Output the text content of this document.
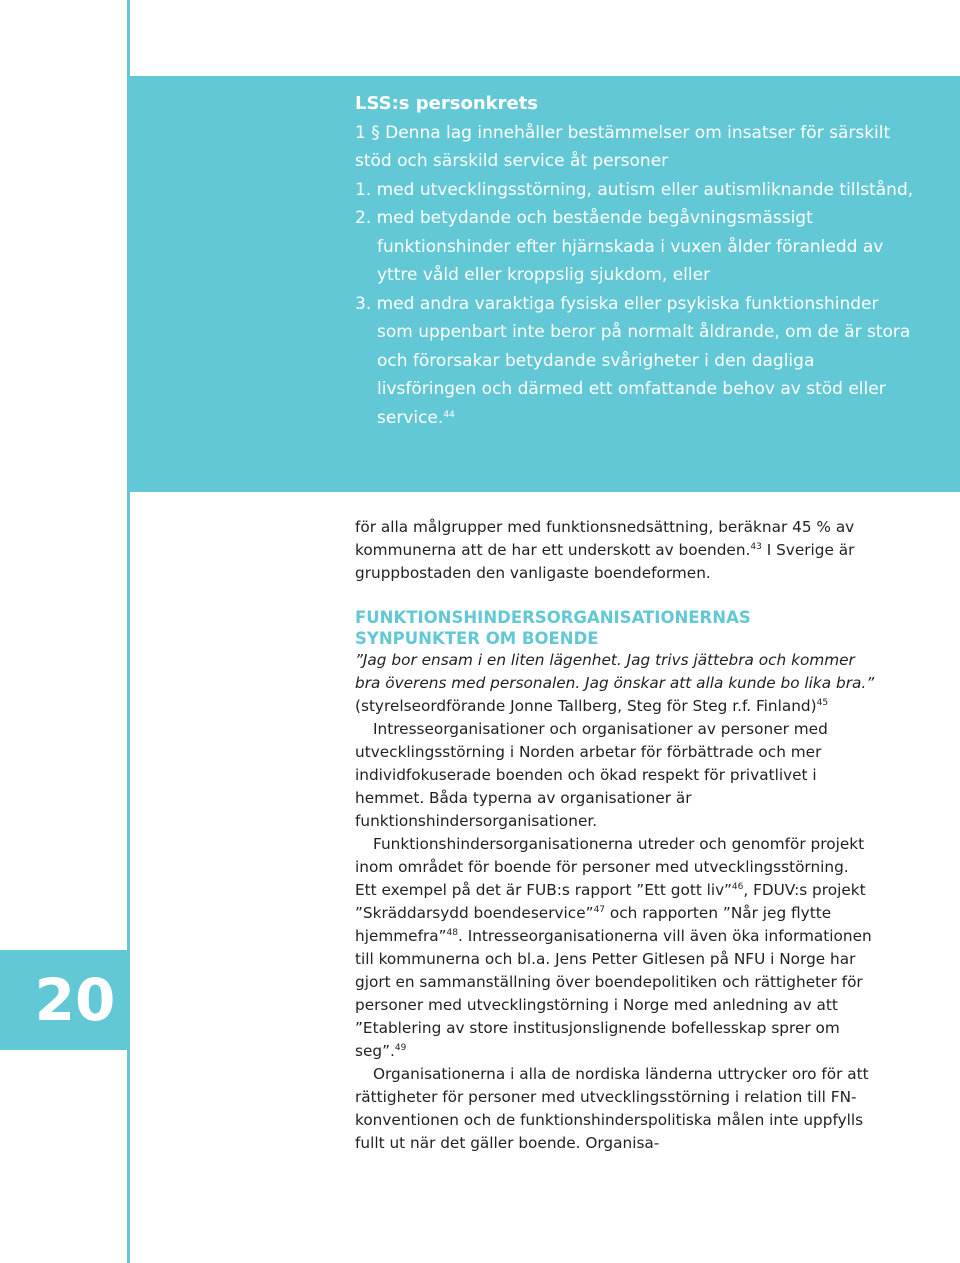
LSS:s personkrets
1 § Denna lag innehåller bestämmelser om insatser för särskilt stöd och särskild service åt personer
1. med utvecklingsstörning, autism eller autismliknande tillstånd,
2. med betydande och bestående begåvningsmässigt funktionshinder efter hjärnskada i vuxen ålder föranledd av yttre våld eller kroppslig sjukdom, eller
3. med andra varaktiga fysiska eller psykiska funktionshinder som uppenbart inte beror på normalt åldrande, om de är stora och förorsakar betydande svårigheter i den dagliga livsföringen och därmed ett omfattande behov av stöd eller service.$^{44}$

för alla målgrupper med funktionsnedsättning, beräknar 45 % av kommunerna att de har ett underskott av boenden.$^{43}$ I Sverige är gruppbostaden den vanligaste boendeformen.

FUNKTIONSHINDERSORGANISATIONERNAS SYNPUNKTER OM BOENDE

”Jag bor ensam i en liten lägenhet. Jag trivs jättebra och kommer bra överens med personalen. Jag önskar att alla kunde bo lika bra.” (styrelseordförande Jonne Tallberg, Steg för Steg r.f. Finland)$^{45}$

Intresseorganisationer och organisationer av personer med utvecklingsstörning i Norden arbetar för förbättrade och mer individfokuserade boenden och ökad respekt för privatlivet i hemmet. Båda typerna av organisationer är funktionshindersorganisationer.

Funktionshindersorganisationerna utreder och genomför projekt inom området för boende för personer med utvecklingsstörning. Ett exempel på det är FUB:s rapport ”Ett gott liv”$^{46}$, FDUV:s projekt ”Skräddarsydd boendeservice”$^{47}$ och rapporten ”Når jeg flytte hjemmefra”$^{48}$. Intresseorganisationerna vill även öka informationen till kommunerna och bl.a. Jens Petter Gitlesen på NFU i Norge har gjort en sammanställning över boendepolitiken och rättigheter för personer med utvecklingstörning i Norge med anledning av att ”Etablering av store institusjonslignende bofellesskap sprer om seg”.$^{49}$

Organisationerna i alla de nordiska länderna uttrycker oro för att rättigheter för personer med utvecklingsstörning i relation till FN-konventionen och de funktionshinderspolitiska målen inte uppfylls fullt ut när det gäller boende. Organisa-

20
